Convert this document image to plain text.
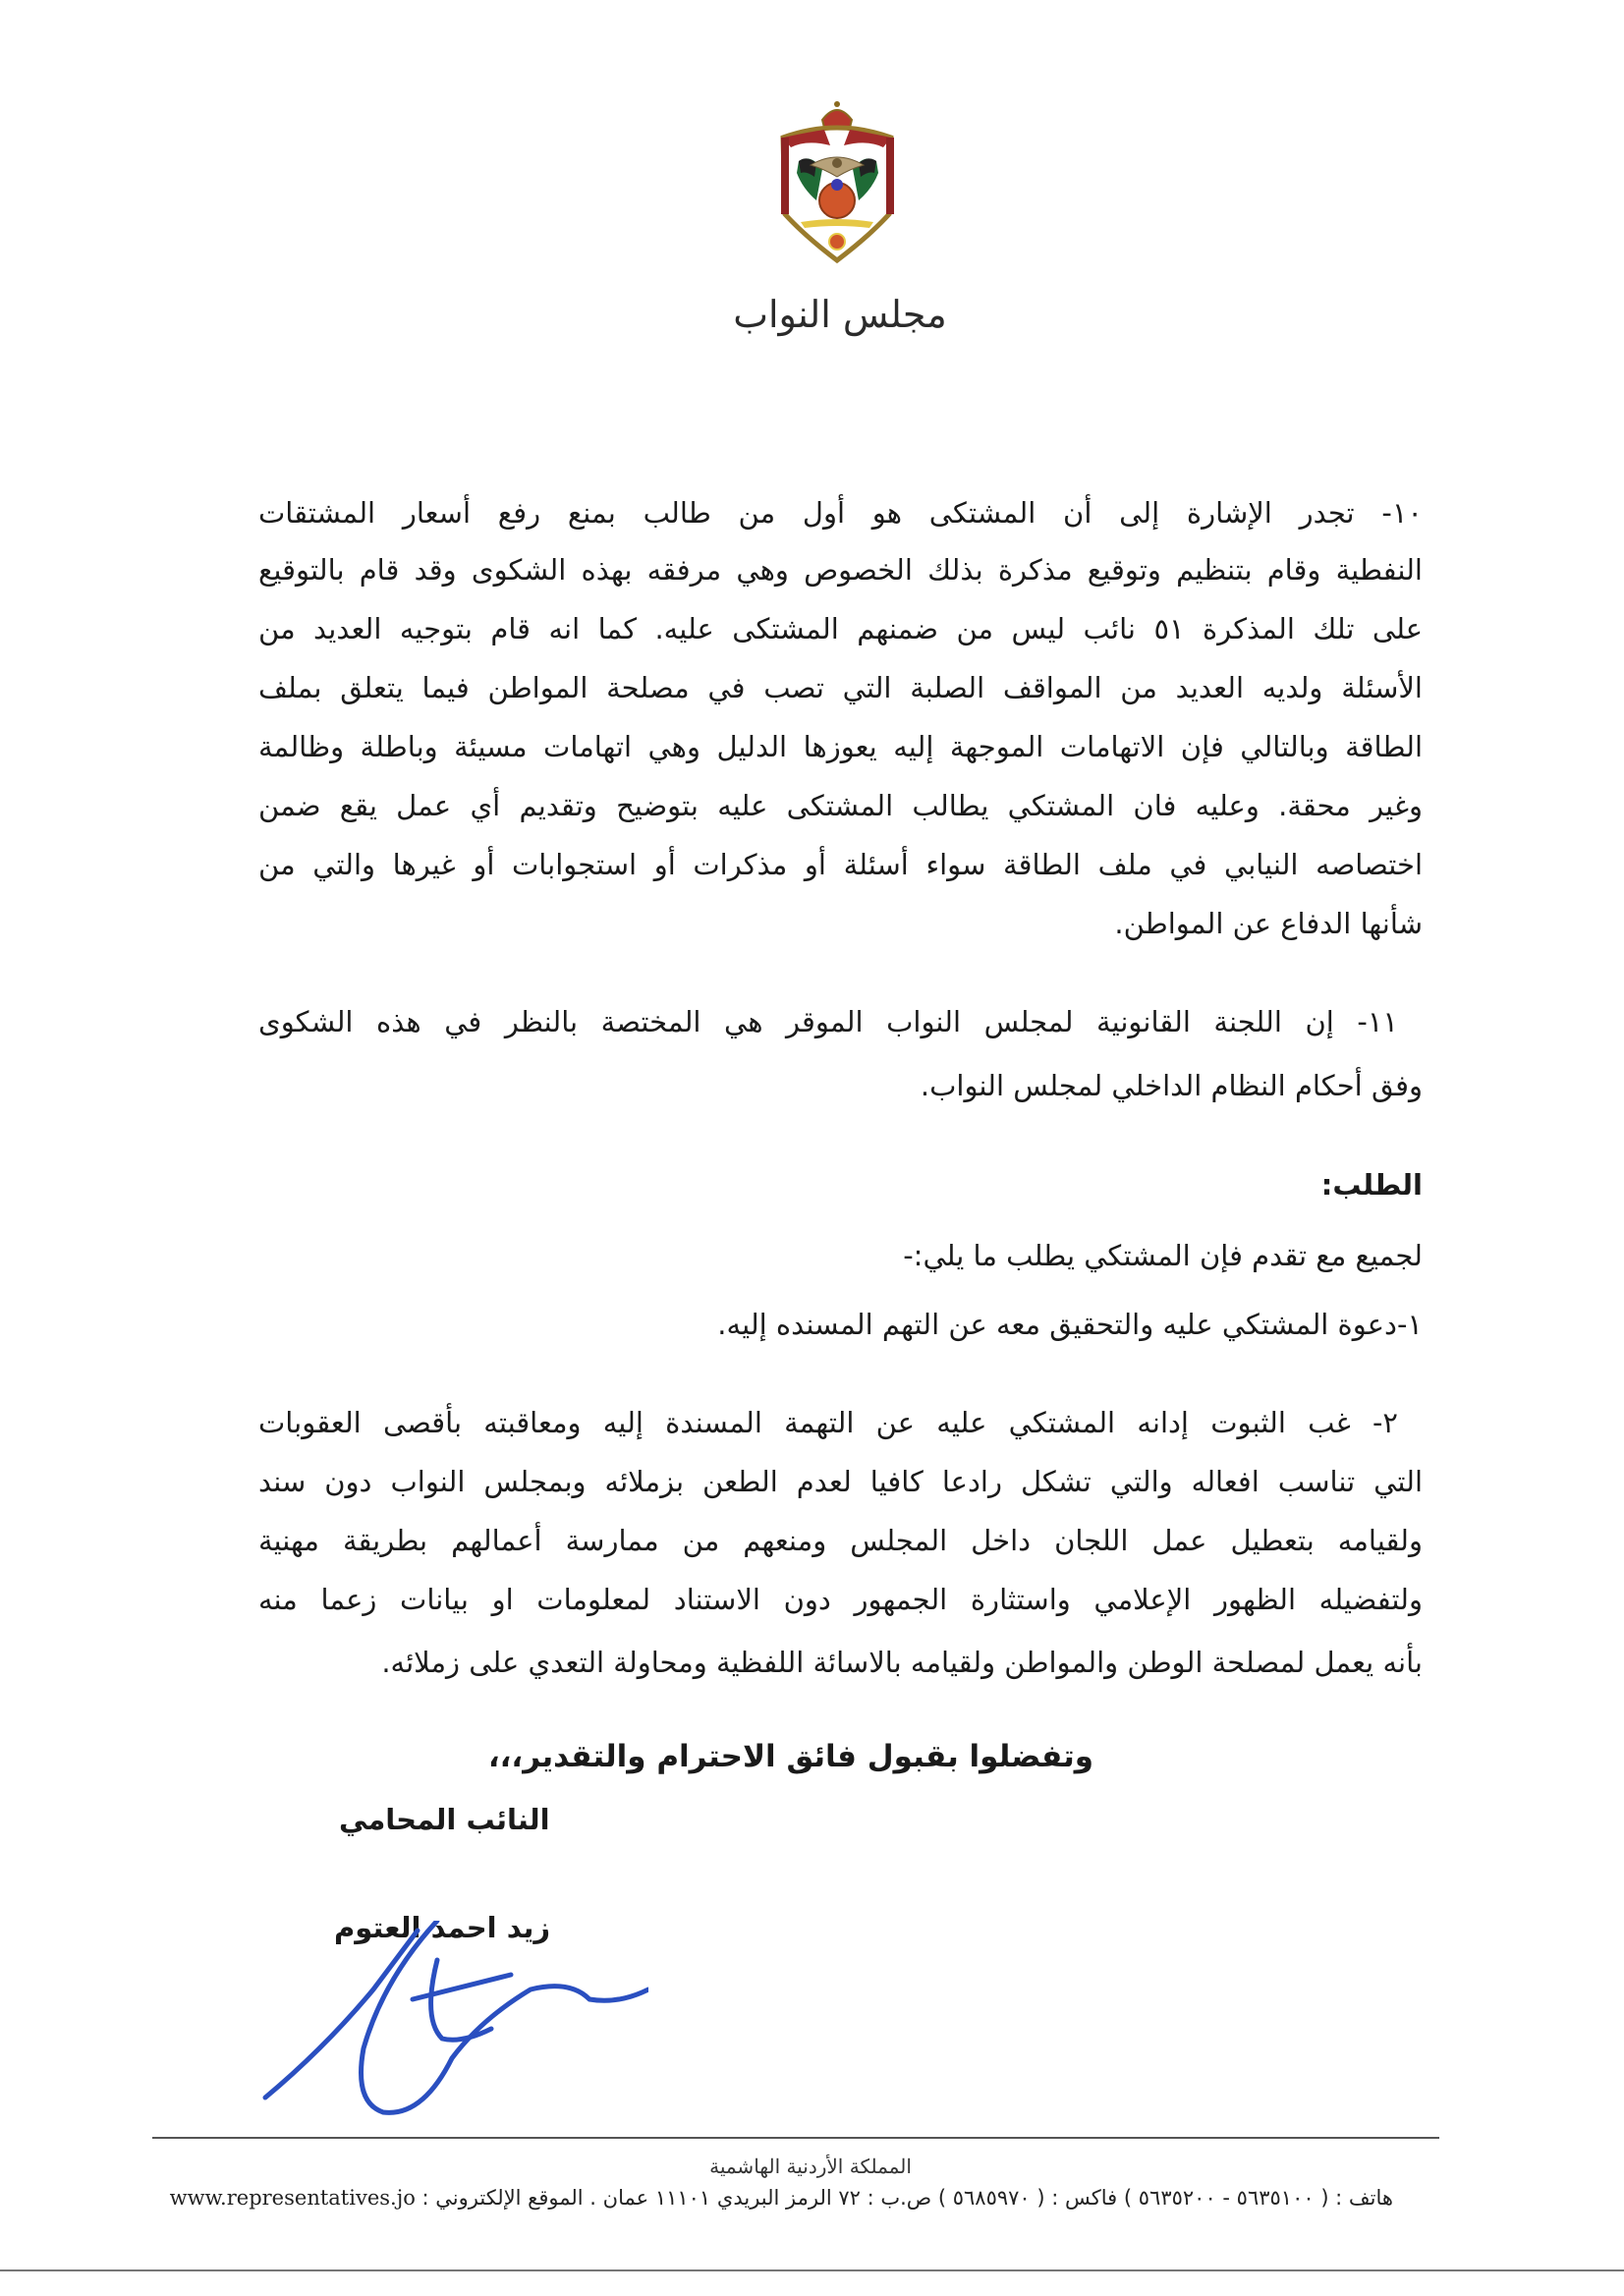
مجلس النواب
١٠- تجدر الإشارة إلى أن المشتكى هو أول من طالب بمنع رفع أسعار المشتقات
النفطية وقام بتنظيم وتوقيع مذكرة بذلك الخصوص وهي مرفقه بهذه الشكوى وقد قام بالتوقيع
على تلك المذكرة ٥١ نائب ليس من ضمنهم المشتكى عليه. كما انه قام بتوجيه العديد من
الأسئلة ولديه العديد من المواقف الصلبة التي تصب في مصلحة المواطن فيما يتعلق بملف
الطاقة وبالتالي فإن الاتهامات الموجهة إليه يعوزها الدليل وهي اتهامات مسيئة وباطلة وظالمة
وغير محقة. وعليه فان المشتكي يطالب المشتكى عليه بتوضيح وتقديم أي عمل يقع ضمن
اختصاصه النيابي في ملف الطاقة سواء أسئلة أو مذكرات أو استجوابات أو غيرها والتي من
شأنها الدفاع عن المواطن.
١١- إن اللجنة القانونية لمجلس النواب الموقر هي المختصة بالنظر في هذه الشكوى
وفق أحكام النظام الداخلي لمجلس النواب.
الطلب:
لجميع مع تقدم فإن المشتكي يطلب ما يلي:-
١-دعوة المشتكي عليه والتحقيق معه عن التهم المسنده إليه.
٢- غب الثبوت إدانه المشتكي عليه عن التهمة المسندة إليه ومعاقبته بأقصى العقوبات
التي تناسب افعاله والتي تشكل رادعا كافيا لعدم الطعن بزملائه وبمجلس النواب دون سند
ولقيامه بتعطيل عمل اللجان داخل المجلس ومنعهم من ممارسة أعمالهم بطريقة مهنية
ولتفضيله الظهور الإعلامي واستثارة الجمهور دون الاستناد لمعلومات او بيانات زعما منه
بأنه يعمل لمصلحة الوطن والمواطن ولقيامه بالاسائة اللفظية ومحاولة التعدي على زملائه.
وتفضلوا بقبول فائق الاحترام والتقدير،،،
النائب المحامي
زيد احمد العتوم
المملكة الأردنية الهاشمية
هاتف : ( ٥٦٣٥١٠٠ - ٥٦٣٥٢٠٠ ) فاكس : ( ٥٦٨٥٩٧٠ ) ص.ب : ٧٢ الرمز البريدي ١١١٠١ عمان . الموقع الإلكتروني : www.representatives.jo
